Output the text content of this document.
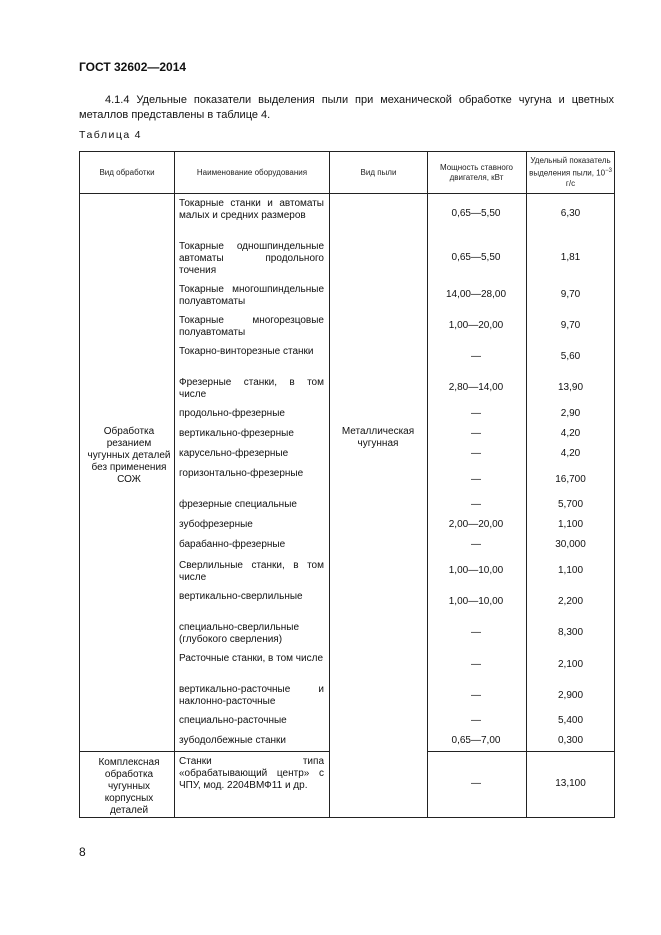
ГОСТ 32602—2014
4.1.4 Удельные показатели выделения пыли при механической обработке чугуна и цветных металлов представлены в таблице 4.
Таблица 4
Вид обработки	Наименование оборудования	Вид пыли
Мощность ставного двигателя, кВт
Удельный показатель выделения пыли, $10^{-3}$ г/с
Обработка резанием чугунных деталей без применения СОЖ
Металлическая чугунная
Комплексная обработка чугунных корпусных деталей
Токарные станки и автоматы малых и средних размеров
Токарные одношпиндельные автоматы продольного точения
Токарные многошпиндельные полуавтоматы
Токарные многорезцовые полуавтоматы
Токарно-винторезные станки
Фрезерные станки, в том числе
продольно-фрезерные
вертикально-фрезерные
карусельно-фрезерные
горизонтально-фрезерные
фрезерные специальные
зубофрезерные
барабанно-фрезерные
Сверлильные станки, в том числе
вертикально-сверлильные
специально-сверлильные (глубокого сверления)
Расточные станки, в том числе
вертикально-расточные и наклонно-расточные
специально-расточные
зубодолбежные станки
Станки типа «обрабатывающий центр» с ЧПУ, мод. 2204ВМФ11 и др.
0,65—5,50
0,65—5,50
14,00—28,00
1,00—20,00
—
2,80—14,00
—
—
—
—
—
2,00—20,00
—
1,00—10,00
1,00—10,00
—
—
—
—
0,65—7,00
—
6,30
1,81
9,70
9,70
5,60
13,90
2,90
4,20
4,20
16,700
5,700
1,100
30,000
1,100
2,200
8,300
2,100
2,900
5,400
0,300
13,100
8
